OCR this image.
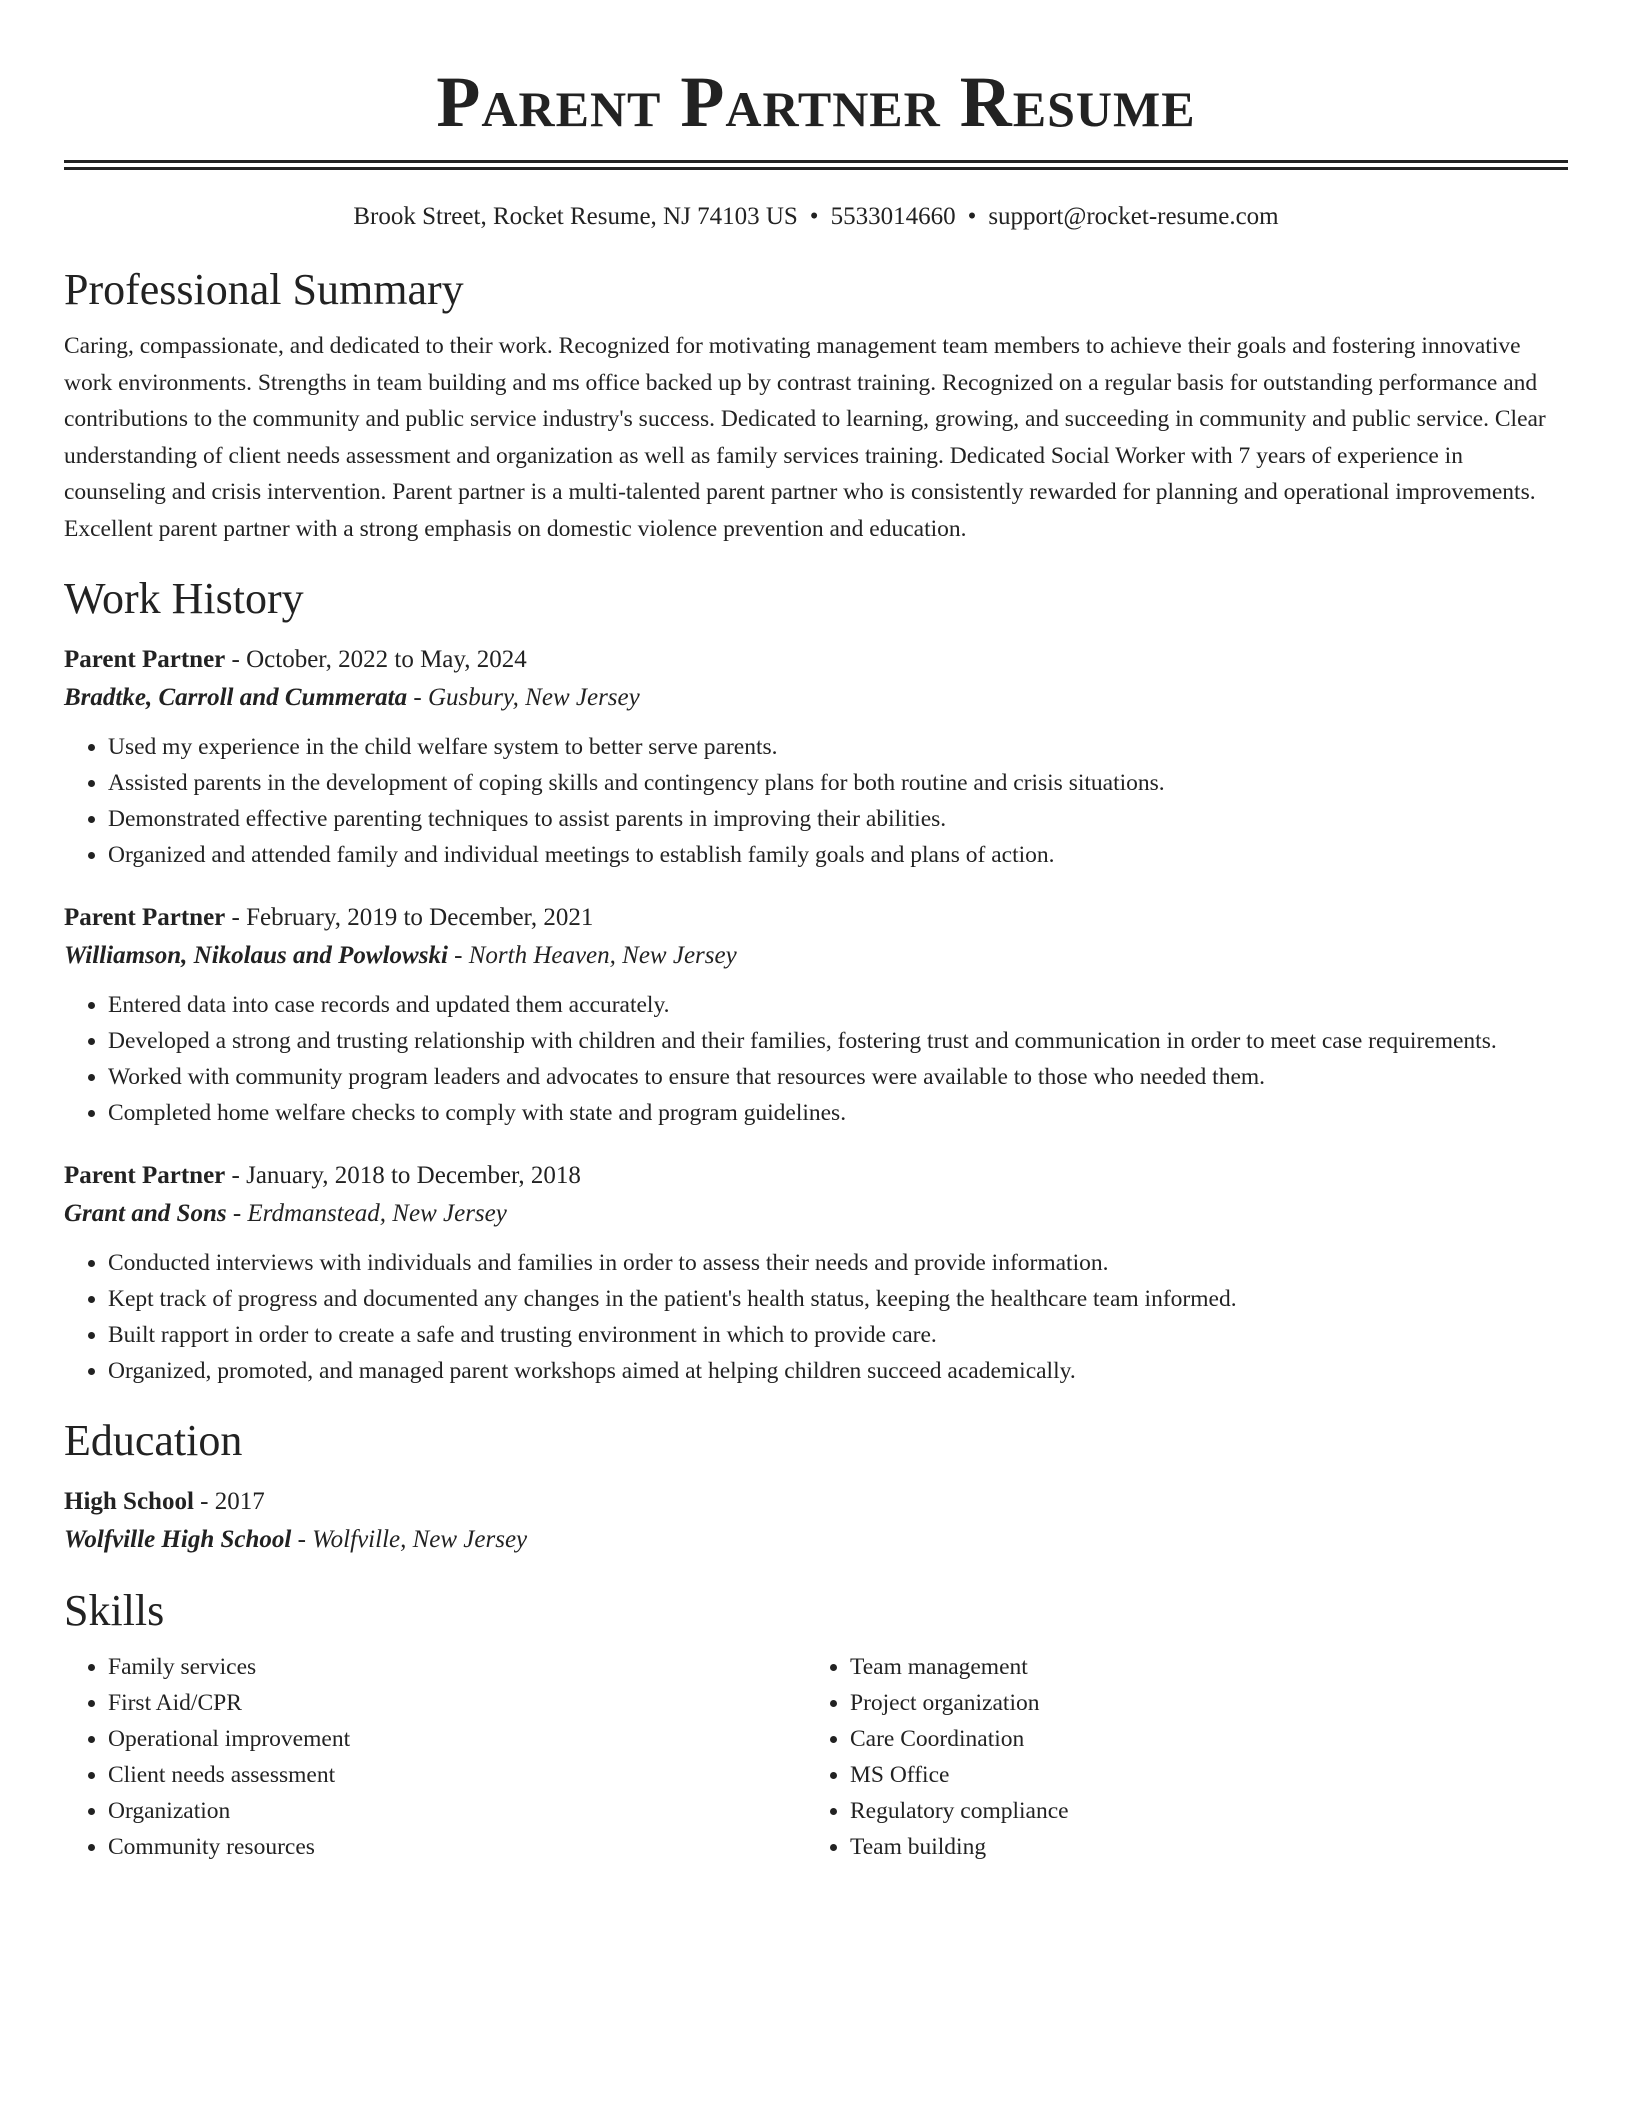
Parent Partner Resume
Brook Street, Rocket Resume, NJ 74103 US • 5533014660 • support@rocket-resume.com
Professional Summary

Caring, compassionate, and dedicated to their work. Recognized for motivating management team members to achieve their goals and fostering innovative work environments. Strengths in team building and ms office backed up by contrast training. Recognized on a regular basis for outstanding performance and contributions to the community and public service industry's success. Dedicated to learning, growing, and succeeding in community and public service. Clear understanding of client needs assessment and organization as well as family services training. Dedicated Social Worker with 7 years of experience in counseling and crisis intervention. Parent partner is a multi-talented parent partner who is consistently rewarded for planning and operational improvements. Excellent parent partner with a strong emphasis on domestic violence prevention and education.

Work History
Parent Partner - October, 2022 to May, 2024
Bradtke, Carroll and Cummerata - Gusbury, New Jersey
• Used my experience in the child welfare system to better serve parents.
• Assisted parents in the development of coping skills and contingency plans for both routine and crisis situations.
• Demonstrated effective parenting techniques to assist parents in improving their abilities.
• Organized and attended family and individual meetings to establish family goals and plans of action.
Parent Partner - February, 2019 to December, 2021
Williamson, Nikolaus and Powlowski - North Heaven, New Jersey
• Entered data into case records and updated them accurately.
• Developed a strong and trusting relationship with children and their families, fostering trust and communication in order to meet case requirements.
• Worked with community program leaders and advocates to ensure that resources were available to those who needed them.
• Completed home welfare checks to comply with state and program guidelines.
Parent Partner - January, 2018 to December, 2018
Grant and Sons - Erdmanstead, New Jersey
• Conducted interviews with individuals and families in order to assess their needs and provide information.
• Kept track of progress and documented any changes in the patient's health status, keeping the healthcare team informed.
• Built rapport in order to create a safe and trusting environment in which to provide care.
• Organized, promoted, and managed parent workshops aimed at helping children succeed academically.
Education
High School - 2017
Wolfville High School - Wolfville, New Jersey
Skills
• Family services
• First Aid/CPR
• Operational improvement
• Client needs assessment
• Organization
• Community resources
• Team management
• Project organization
• Care Coordination
• MS Office
• Regulatory compliance
• Team building
